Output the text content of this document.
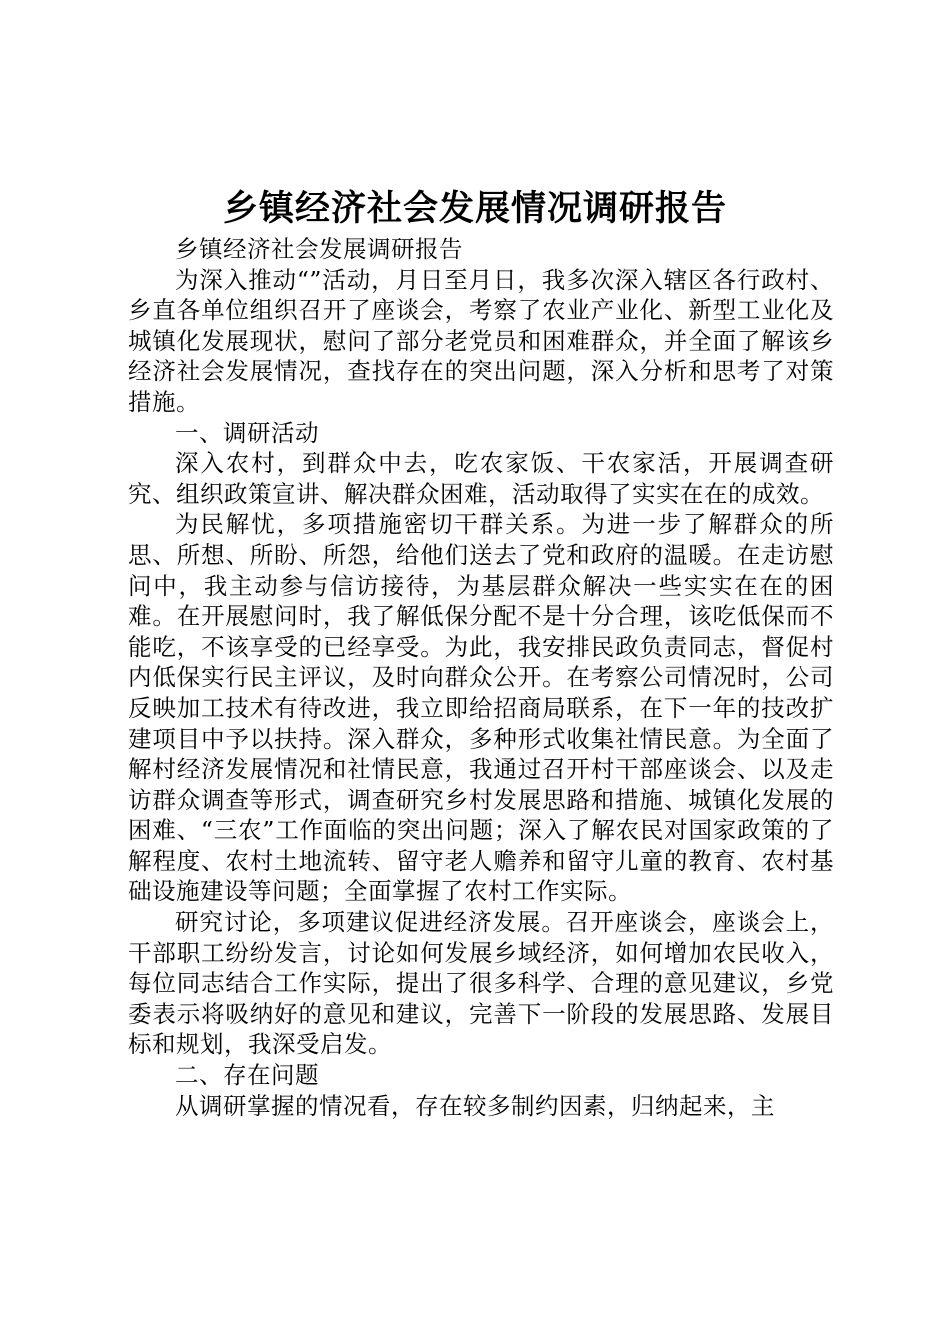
乡镇经济社会发展情况调研报告

乡镇经济社会发展调研报告

为深入推动“”活动，月日至月日，我多次深入辖区各行政村、乡直各单位组织召开了座谈会，考察了农业产业化、新型工业化及城镇化发展现状，慰问了部分老党员和困难群众，并全面了解该乡经济社会发展情况，查找存在的突出问题，深入分析和思考了对策措施。

一、调研活动

深入农村，到群众中去，吃农家饭、干农家活，开展调查研究、组织政策宣讲、解决群众困难，活动取得了实实在在的成效。

为民解忧，多项措施密切干群关系。为进一步了解群众的所思、所想、所盼、所怨，给他们送去了党和政府的温暖。在走访慰问中，我主动参与信访接待，为基层群众解决一些实实在在的困难。在开展慰问时，我了解低保分配不是十分合理，该吃低保而不能吃，不该享受的已经享受。为此，我安排民政负责同志，督促村内低保实行民主评议，及时向群众公开。在考察公司情况时，公司反映加工技术有待改进，我立即给招商局联系，在下一年的技改扩建项目中予以扶持。深入群众，多种形式收集社情民意。为全面了解村经济发展情况和社情民意，我通过召开村干部座谈会、以及走访群众调查等形式，调查研究乡村发展思路和措施、城镇化发展的困难、“三农”工作面临的突出问题；深入了解农民对国家政策的了解程度、农村土地流转、留守老人赡养和留守儿童的教育、农村基础设施建设等问题；全面掌握了农村工作实际。

研究讨论，多项建议促进经济发展。召开座谈会，座谈会上，干部职工纷纷发言，讨论如何发展乡域经济，如何增加农民收入，每位同志结合工作实际，提出了很多科学、合理的意见建议，乡党委表示将吸纳好的意见和建议，完善下一阶段的发展思路、发展目标和规划，我深受启发。

二、存在问题

从调研掌握的情况看，存在较多制约因素，归纳起来，主
